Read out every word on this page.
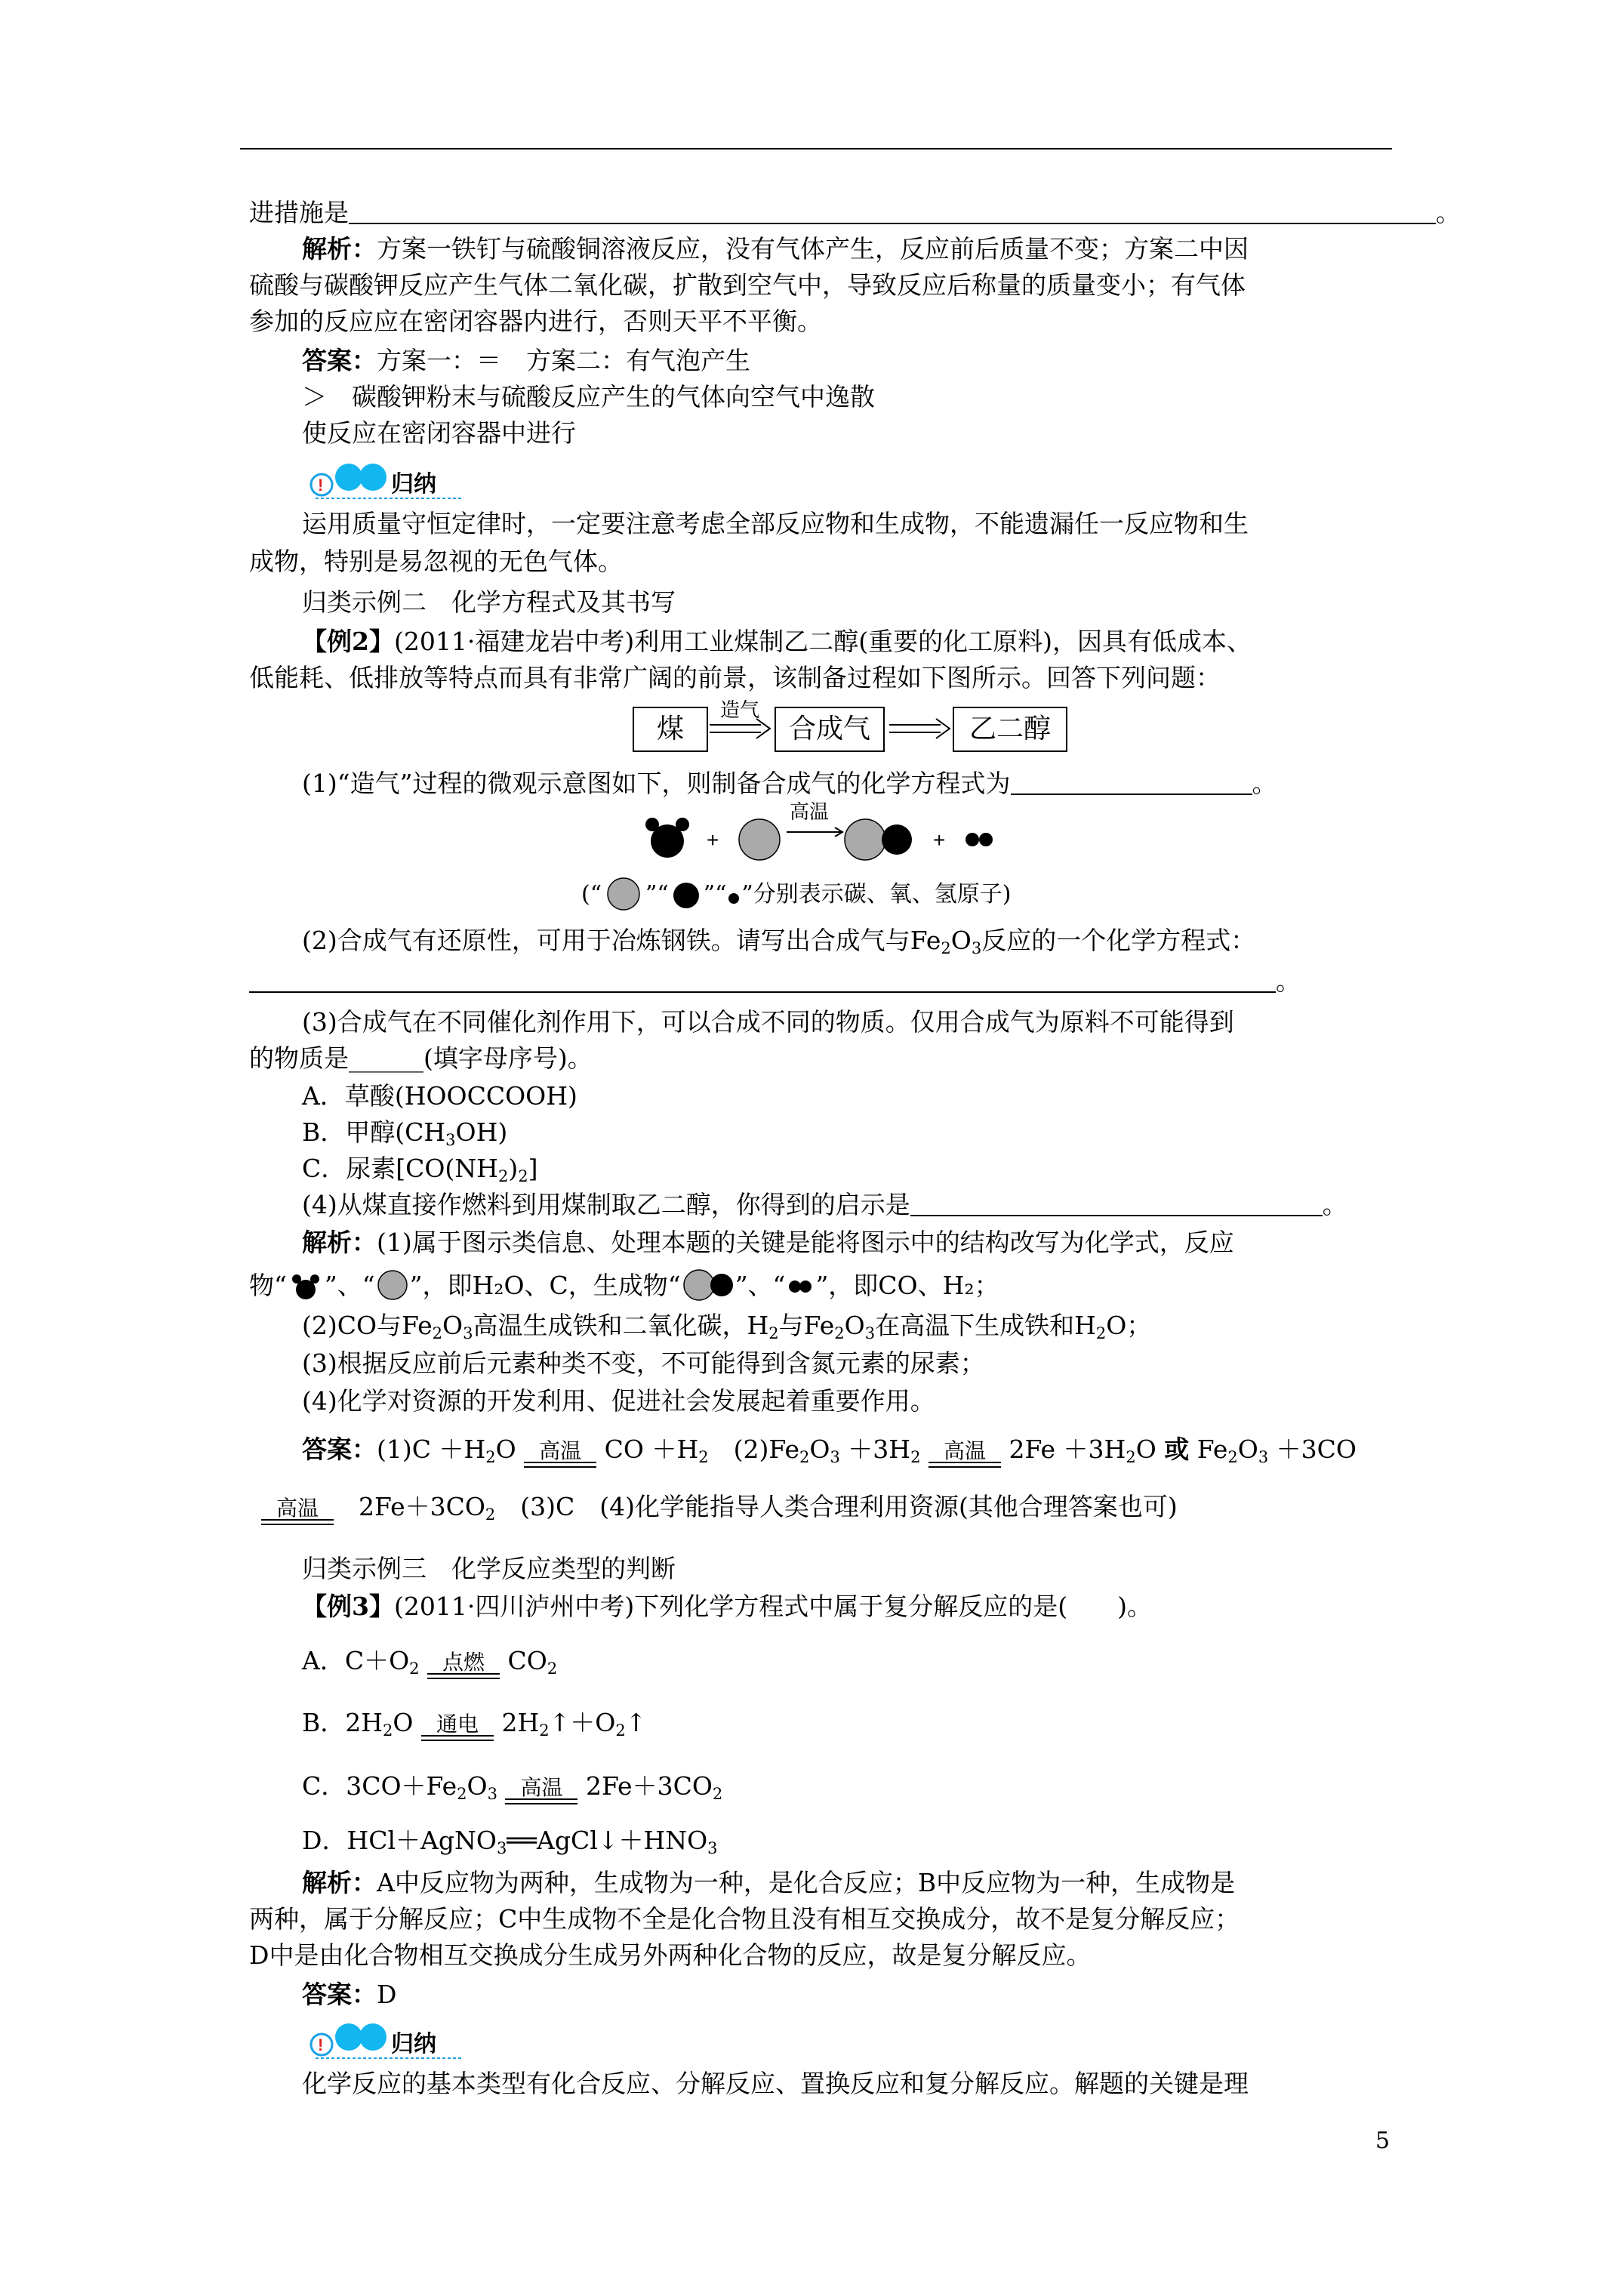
进措施是	。
解析：方案一铁钉与硫酸铜溶液反应，没有气体产生，反应前后质量不变；方案二中因
硫酸与碳酸钾反应产生气体二氧化碳，扩散到空气中，导致反应后称量的质量变小；有气体
参加的反应应在密闭容器内进行，否则天平不平衡。
答案：方案一：＝　方案二：有气泡产生
＞　碳酸钾粉末与硫酸反应产生的气体向空气中逸散
使反应在密闭容器中进行
!	归纳
运用质量守恒定律时，一定要注意考虑全部反应物和生成物，不能遗漏任一反应物和生
成物，特别是易忽视的无色气体。
归类示例二　化学方程式及其书写
【例2】(2011·福建龙岩中考)利用工业煤制乙二醇(重要的化工原料)，因具有低成本、
低能耗、低排放等特点而具有非常广阔的前景，该制备过程如下图所示。回答下列问题：
煤
造气
合成气	乙二醇
(1)“造气”过程的微观示意图如下，则制备合成气的化学方程式为	。
+
高温
+
(“ ”“ ”“ ”分别表示碳、氧、氢原子)
(2)合成气有还原性，可用于冶炼钢铁。请写出合成气与$Fe_2O_3$反应的一个化学方程式：
。
(3)合成气在不同催化剂作用下，可以合成不同的物质。仅用合成气为原料不可能得到
的物质是______(填字母序号)。
A．草酸(HOOCCOOH)
B．甲醇$(CH_3OH)$
C．尿素$[CO(NH_2)_2]$
(4)从煤直接作燃料到用煤制取乙二醇，你得到的启示是	。
解析：(1)属于图示类信息、处理本题的关键是能将图示中的结构改写为化学式，反应
物“ ”、“ ”，即H₂O、C，生成物“ ”、“ ”，即CO、H₂；
(2)CO与$Fe_2O_3$高温生成铁和二氧化碳，$H_2$与$Fe_2O_3$在高温下生成铁和$H_2O$；
(3)根据反应前后元素种类不变，不可能得到含氮元素的尿素；
(4)化学对资源的开发利用、促进社会发展起着重要作用。
答案：$(1)C +H_2O$ 高温 CO $+H_2$　$(2)Fe_2O_3 +3H_2$	高温 $2Fe +3H_2O$ 或 $Fe_2O_3 +3CO$
高温 　$2Fe+3CO_2$　(3)C　(4)化学能指导人类合理利用资源(其他合理答案也可)
归类示例三　化学反应类型的判断
【例3】(2011·四川泸州中考)下列化学方程式中属于复分解反应的是(　　)。
A．$C+O_2$	点燃 $CO_2$
B．$2H_2O$ 通电 $2H_2↑+O_2↑$
C．$3CO+Fe_2O_3$	高温 $2Fe+3CO_2$
D．$HCl+AgNO_3══AgCl↓+HNO_3$
解析：A中反应物为两种，生成物为一种，是化合反应；B中反应物为一种，生成物是
两种，属于分解反应；C中生成物不全是化合物且没有相互交换成分，故不是复分解反应；
D中是由化合物相互交换成分生成另外两种化合物的反应，故是复分解反应。
答案：D
!	归纳
化学反应的基本类型有化合反应、分解反应、置换反应和复分解反应。解题的关键是理
5
